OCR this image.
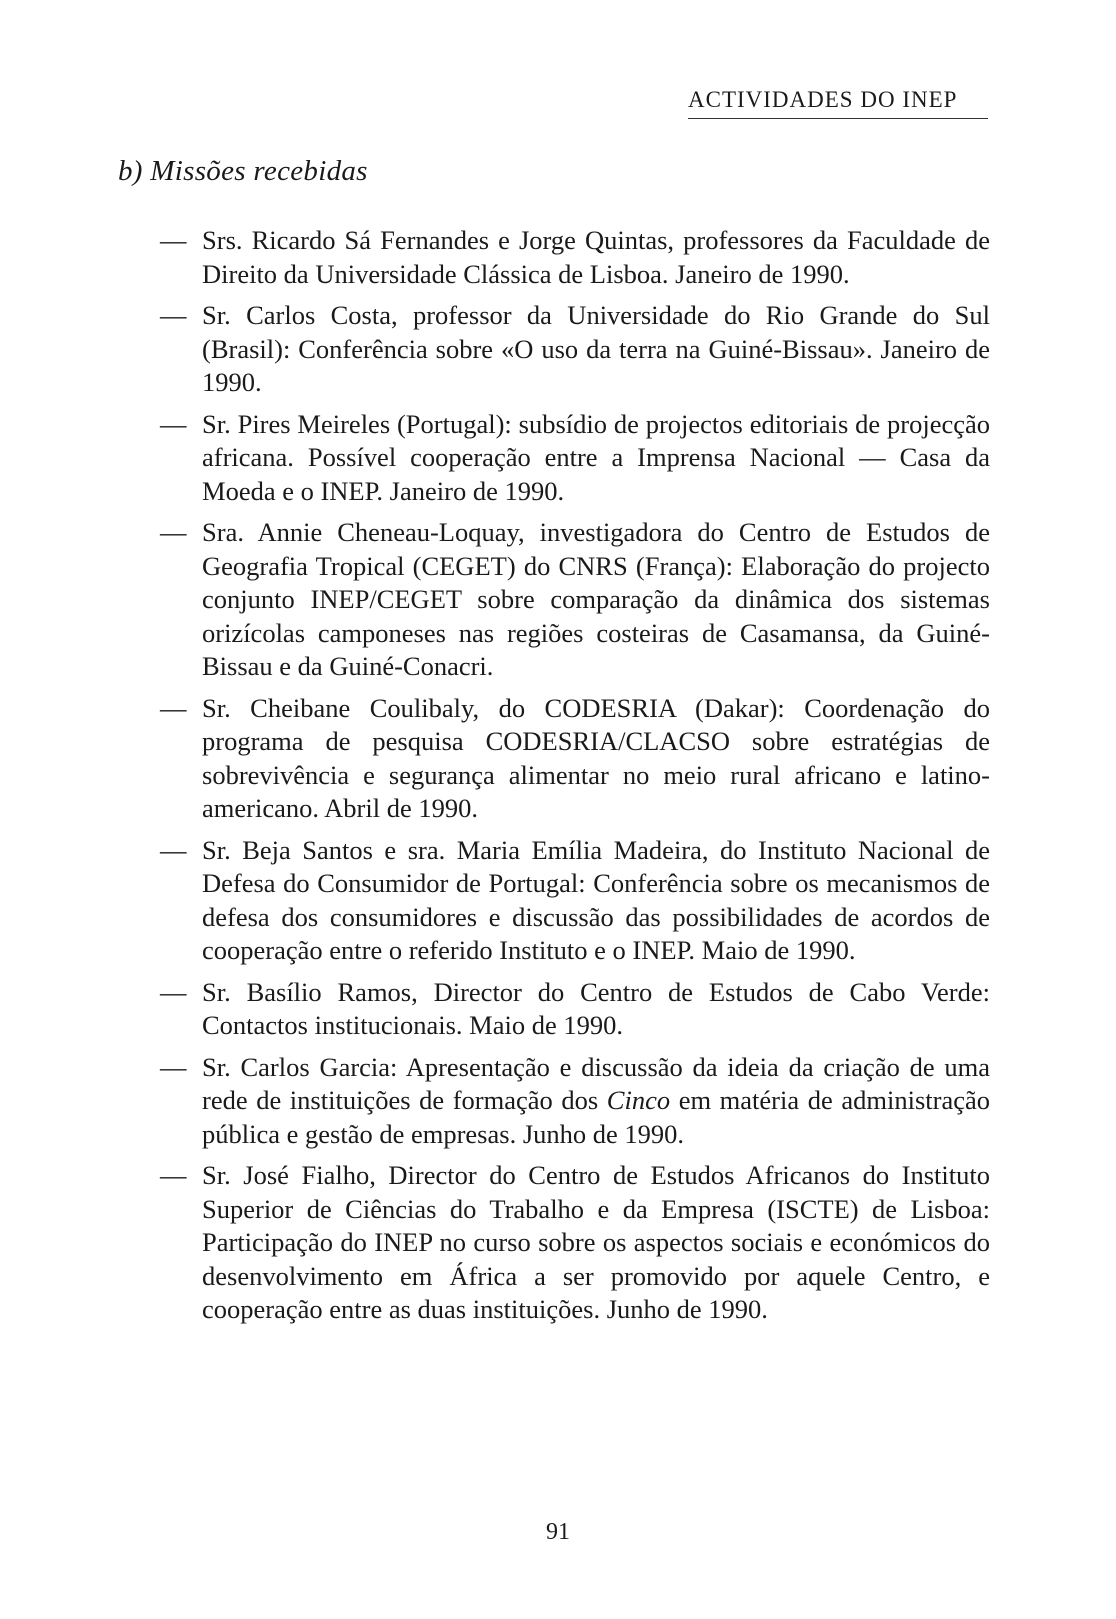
ACTIVIDADES DO INEP
b) Missões recebidas
— Srs. Ricardo Sá Fernandes e Jorge Quintas, professores da Faculdade de Direito da Universidade Clássica de Lisboa. Janeiro de 1990.
— Sr. Carlos Costa, professor da Universidade do Rio Grande do Sul (Brasil): Conferência sobre «O uso da terra na Guiné-Bissau». Janeiro de 1990.
— Sr. Pires Meireles (Portugal): subsídio de projectos editoriais de projecção africana. Possível cooperação entre a Imprensa Nacional — Casa da Moeda e o INEP. Janeiro de 1990.
— Sra. Annie Cheneau-Loquay, investigadora do Centro de Estudos de Geografia Tropical (CEGET) do CNRS (França): Elaboração do projecto conjunto INEP/CEGET sobre comparação da dinâmica dos sistemas orizícolas camponeses nas regiões costeiras de Casamansa, da Guiné-Bissau e da Guiné-Conacri.
— Sr. Cheibane Coulibaly, do CODESRIA (Dakar): Coordenação do programa de pesquisa CODESRIA/CLACSO sobre estratégias de sobrevivência e segurança alimentar no meio rural africano e latino-americano. Abril de 1990.
— Sr. Beja Santos e sra. Maria Emília Madeira, do Instituto Nacional de Defesa do Consumidor de Portugal: Conferência sobre os mecanismos de defesa dos consumidores e discussão das possibilidades de acordos de cooperação entre o referido Instituto e o INEP. Maio de 1990.
— Sr. Basílio Ramos, Director do Centro de Estudos de Cabo Verde: Contactos institucionais. Maio de 1990.
— Sr. Carlos Garcia: Apresentação e discussão da ideia da criação de uma rede de instituições de formação dos Cinco em matéria de administração pública e gestão de empresas. Junho de 1990.
— Sr. José Fialho, Director do Centro de Estudos Africanos do Instituto Superior de Ciências do Trabalho e da Empresa (ISCTE) de Lisboa: Participação do INEP no curso sobre os aspectos sociais e económicos do desenvolvimento em África a ser promovido por aquele Centro, e cooperação entre as duas instituições. Junho de 1990.
91
